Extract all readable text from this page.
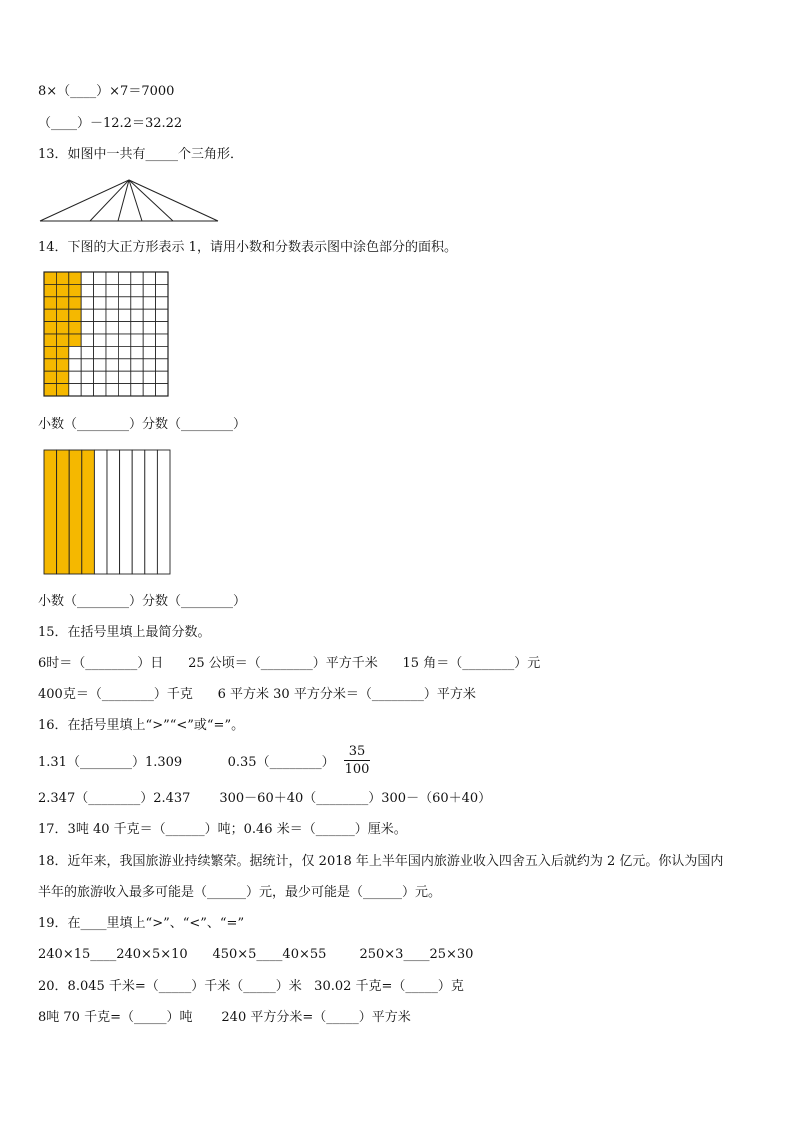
8×（____）×7＝7000
（____）－12.2＝32.22
13．如图中一共有_____个三角形．
14．下图的大正方形表示 1，请用小数和分数表示图中涂色部分的面积。
小数（________）分数（________）
小数（________）分数（________）
15．在括号里填上最简分数。
6时＝（________）日      25 公顷＝（________）平方千米      15 角＝（________）元
400克＝（________）千克      6 平方米 30 平方分米＝（________）平方米
16．在括号里填上“>”“<”或“=”。
1.31（________）1.309           0.35（________）
35
100
2.347（________）2.437       300－60＋40（________）300－（60＋40）
17．3吨 40 千克＝（______）吨；0.46 米＝（______）厘米。
18．近年来，我国旅游业持续繁荣。据统计，仅 2018 年上半年国内旅游业收入四舍五入后就约为 2 亿元。你认为国内
半年的旅游收入最多可能是（______）元，最少可能是（______）元。
19．在____里填上“>”、“<”、“=”
240×15____240×5×10      450×5____40×55        250×3____25×30
20．8.045 千米=（_____）千米（_____）米   30.02 千克=（_____）克
8吨 70 千克=（_____）吨       240 平方分米=（_____）平方米
